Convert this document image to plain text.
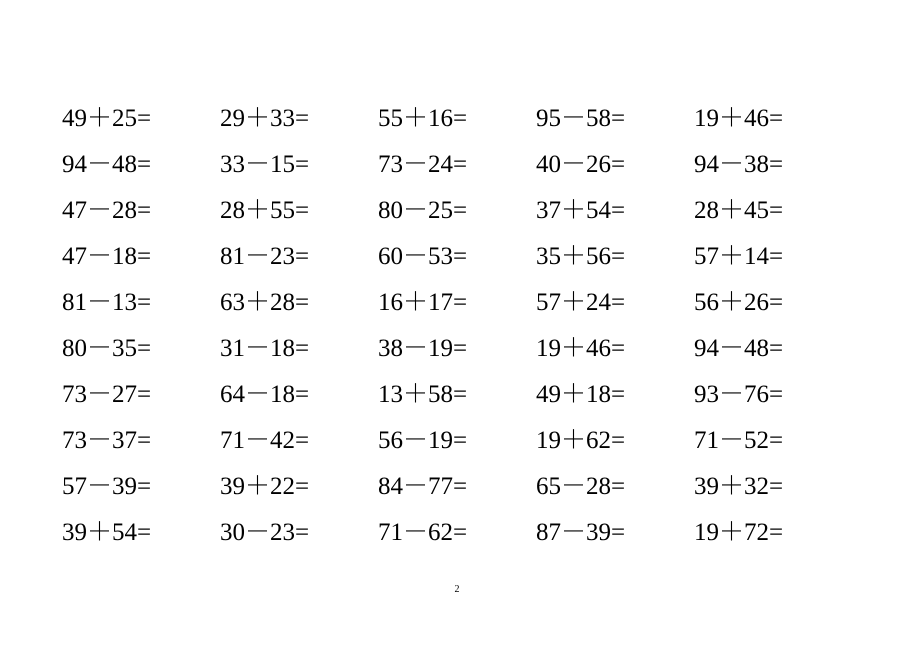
49＋25=	29＋33=	55＋16=	95－58=	19＋46=
94－48=	33－15=	73－24=	40－26=	94－38=
47－28=	28＋55=	80－25=	37＋54=	28＋45=
47－18=	81－23=	60－53=	35＋56=	57＋14=
81－13=	63＋28=	16＋17=	57＋24=	56＋26=
80－35=	31－18=	38－19=	19＋46=	94－48=
73－27=	64－18=	13＋58=	49＋18=	93－76=
73－37=	71－42=	56－19=	19＋62=	71－52=
57－39=	39＋22=	84－77=	65－28=	39＋32=
39＋54=	30－23=	71－62=	87－39=	19＋72=
2
